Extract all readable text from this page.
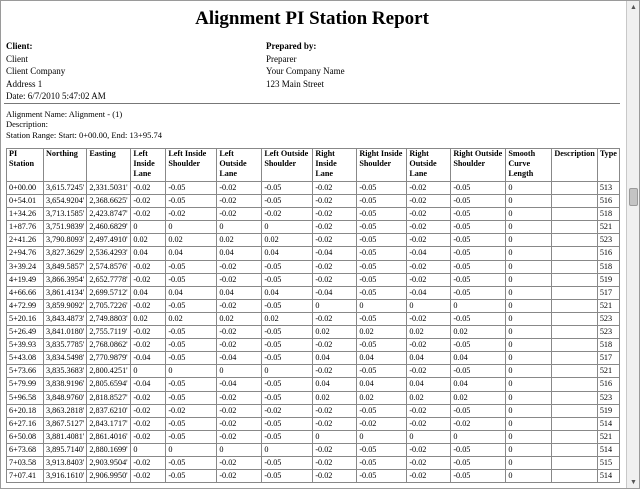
Alignment PI Station Report
Client:
Client
Client Company
Address 1
Date: 6/7/2010 5:47:02 AM
Prepared by:
Preparer
Your Company Name
123 Main Street
Alignment Name: Alignment - (1)
Description:
Station Range: Start: 0+00.00, End: 13+95.74
PI Station	Northing	Easting	Left Inside Lane	Left Inside Shoulder	Left Outside Lane	Left Outside Shoulder	Right Inside Lane	Right Inside Shoulder	Right Outside Lane	Right Outside Shoulder	Smooth Curve Length	Description	Type
0+00.00	3,615.7245'	2,331.5031'	-0.02	-0.05	-0.02	-0.05	-0.02	-0.05	-0.02	-0.05	0		513
0+54.01	3,654.9204'	2,368.6625'	-0.02	-0.05	-0.02	-0.05	-0.02	-0.05	-0.02	-0.05	0		516
1+34.26	3,713.1585'	2,423.8747'	-0.02	-0.02	-0.02	-0.02	-0.02	-0.05	-0.02	-0.05	0		518
1+87.76	3,751.9839'	2,460.6829'	0	0	0	0	-0.02	-0.05	-0.02	-0.05	0		521
2+41.26	3,790.8093'	2,497.4910'	0.02	0.02	0.02	0.02	-0.02	-0.05	-0.02	-0.05	0		523
2+94.76	3,827.3629'	2,536.4293'	0.04	0.04	0.04	0.04	-0.04	-0.05	-0.04	-0.05	0		516
3+39.24	3,849.5857'	2,574.8576'	-0.02	-0.05	-0.02	-0.05	-0.02	-0.05	-0.02	-0.05	0		518
4+19.49	3,866.3954'	2,652.7778'	-0.02	-0.05	-0.02	-0.05	-0.02	-0.05	-0.02	-0.05	0		519
4+66.66	3,861.4134'	2,699.5712'	0.04	0.04	0.04	0.04	-0.04	-0.05	-0.04	-0.05	0		517
4+72.99	3,859.9092'	2,705.7226'	-0.02	-0.05	-0.02	-0.05	0	0	0	0	0		521
5+20.16	3,843.4873'	2,749.8803'	0.02	0.02	0.02	0.02	-0.02	-0.05	-0.02	-0.05	0		523
5+26.49	3,841.0180'	2,755.7119'	-0.02	-0.05	-0.02	-0.05	0.02	0.02	0.02	0.02	0		523
5+39.93	3,835.7785'	2,768.0862'	-0.02	-0.05	-0.02	-0.05	-0.02	-0.05	-0.02	-0.05	0		518
5+43.08	3,834.5498'	2,770.9879'	-0.04	-0.05	-0.04	-0.05	0.04	0.04	0.04	0.04	0		517
5+73.66	3,835.3683'	2,800.4251'	0	0	0	0	-0.02	-0.05	-0.02	-0.05	0		521
5+79.99	3,838.9196'	2,805.6594'	-0.04	-0.05	-0.04	-0.05	0.04	0.04	0.04	0.04	0		516
5+96.58	3,848.9760'	2,818.8527'	-0.02	-0.05	-0.02	-0.05	0.02	0.02	0.02	0.02	0		523
6+20.18	3,863.2818'	2,837.6210'	-0.02	-0.02	-0.02	-0.02	-0.02	-0.05	-0.02	-0.05	0		519
6+27.16	3,867.5127'	2,843.1717'	-0.02	-0.05	-0.02	-0.05	-0.02	-0.02	-0.02	-0.02	0		514
6+50.08	3,881.4081'	2,861.4016'	-0.02	-0.05	-0.02	-0.05	0	0	0	0	0		521
6+73.68	3,895.7140'	2,880.1699'	0	0	0	0	-0.02	-0.05	-0.02	-0.05	0		514
7+03.58	3,913.8403'	2,903.9504'	-0.02	-0.05	-0.02	-0.05	-0.02	-0.05	-0.02	-0.05	0		515
7+07.41	3,916.1610'	2,906.9950'	-0.02	-0.05	-0.02	-0.05	-0.02	-0.05	-0.02	-0.05	0		514
▲
▼
